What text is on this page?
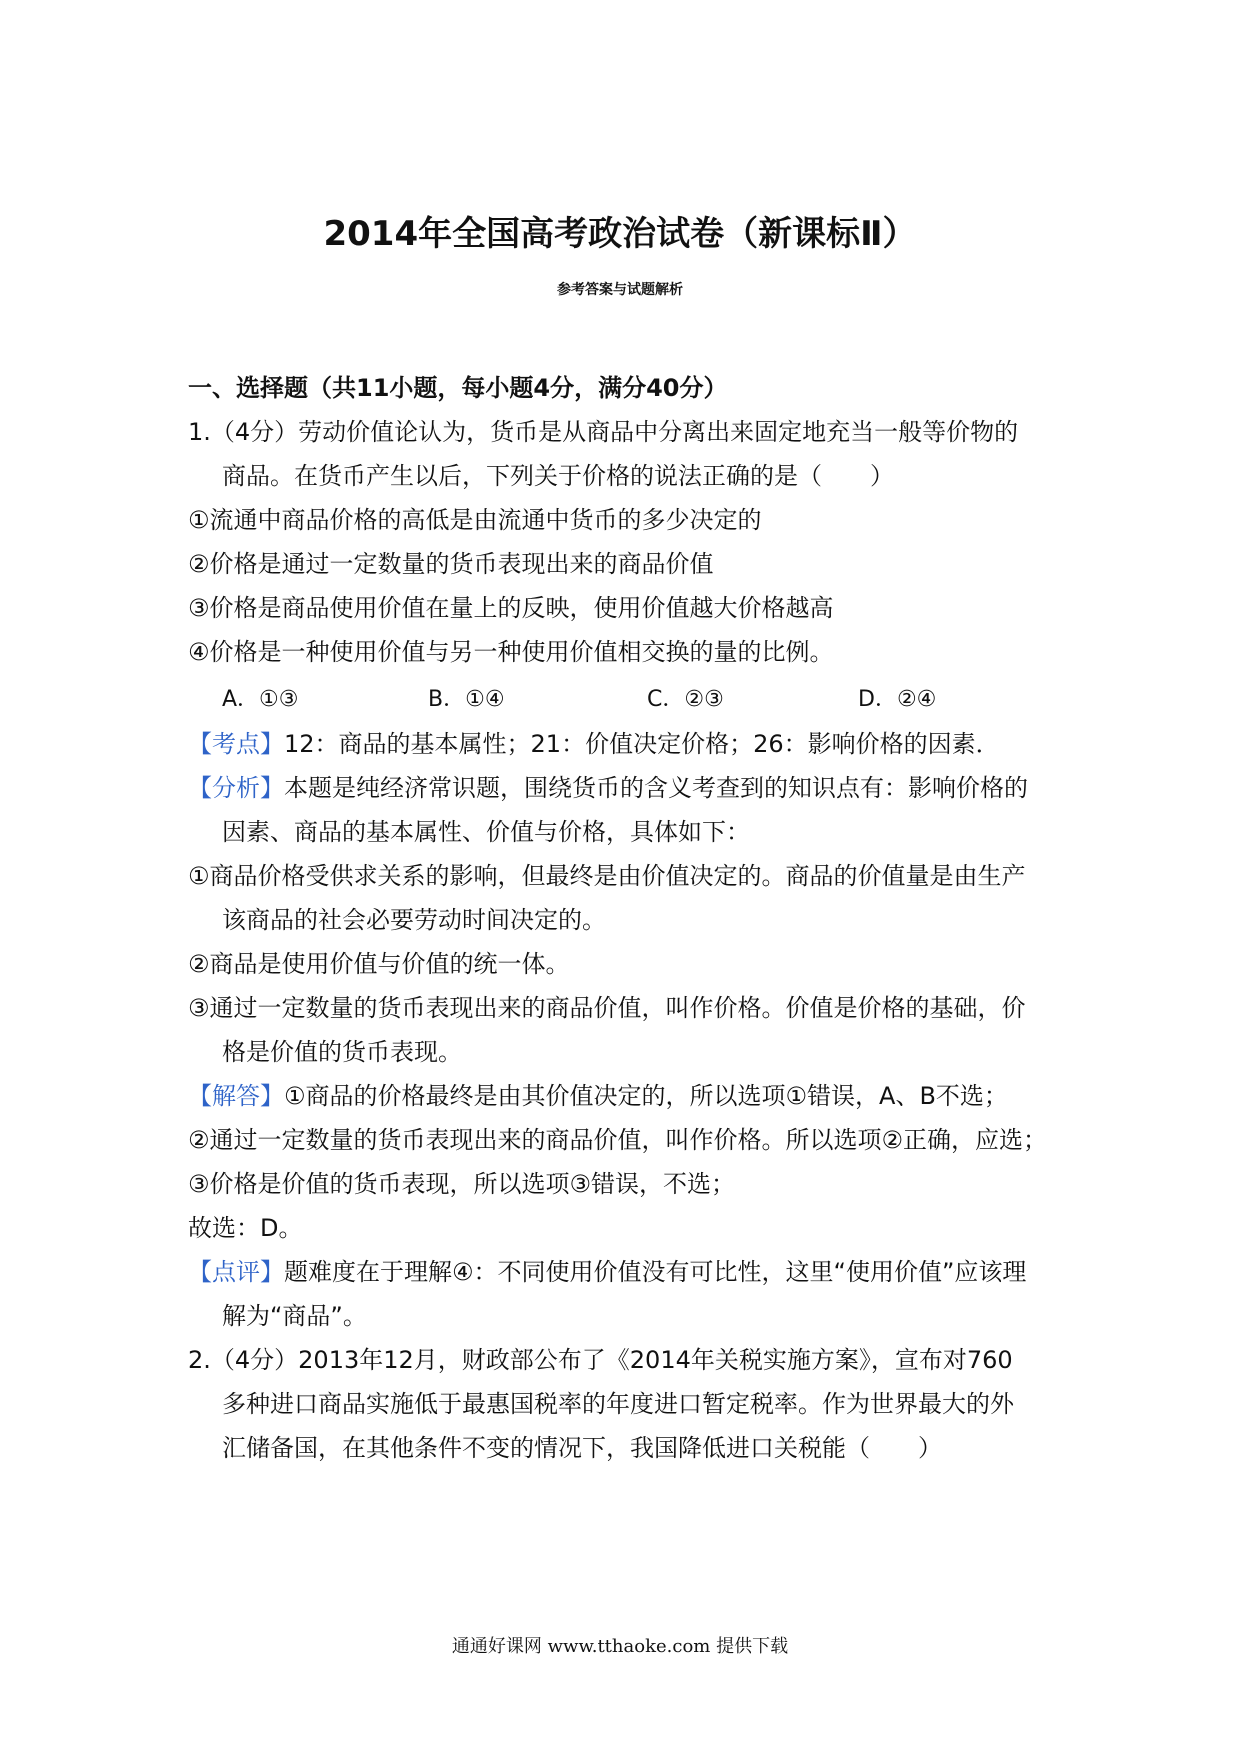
2014年全国高考政治试卷（新课标Ⅱ）
参考答案与试题解析
一、选择题（共11小题，每小题4分，满分40分）
1.（4分）劳动价值论认为，货币是从商品中分离出来固定地充当一般等价物的
商品。在货币产生以后，下列关于价格的说法正确的是（　　）
①流通中商品价格的高低是由流通中货币的多少决定的
②价格是通过一定数量的货币表现出来的商品价值
③价格是商品使用价值在量上的反映，使用价值越大价格越高
④价格是一种使用价值与另一种使用价值相交换的量的比例。
A．①③	B．①④	C．②③	D．②④
【考点】12：商品的基本属性；21：价值决定价格；26：影响价格的因素．
【分析】本题是纯经济常识题，围绕货币的含义考查到的知识点有：影响价格的
因素、商品的基本属性、价值与价格，具体如下：
①商品价格受供求关系的影响，但最终是由价值决定的。商品的价值量是由生产
该商品的社会必要劳动时间决定的。
②商品是使用价值与价值的统一体。
③通过一定数量的货币表现出来的商品价值，叫作价格。价值是价格的基础，价
格是价值的货币表现。
【解答】①商品的价格最终是由其价值决定的，所以选项①错误，A、B不选；
②通过一定数量的货币表现出来的商品价值，叫作价格。所以选项②正确，应选；
③价格是价值的货币表现，所以选项③错误，不选；
故选：D。
【点评】题难度在于理解④：不同使用价值没有可比性，这里“使用价值”应该理
解为“商品”。
2.（4分）2013年12月，财政部公布了《2014年关税实施方案》，宣布对760
多种进口商品实施低于最惠国税率的年度进口暂定税率。作为世界最大的外
汇储备国，在其他条件不变的情况下，我国降低进口关税能（　　）
通通好课网 www.tthaoke.com 提供下载
